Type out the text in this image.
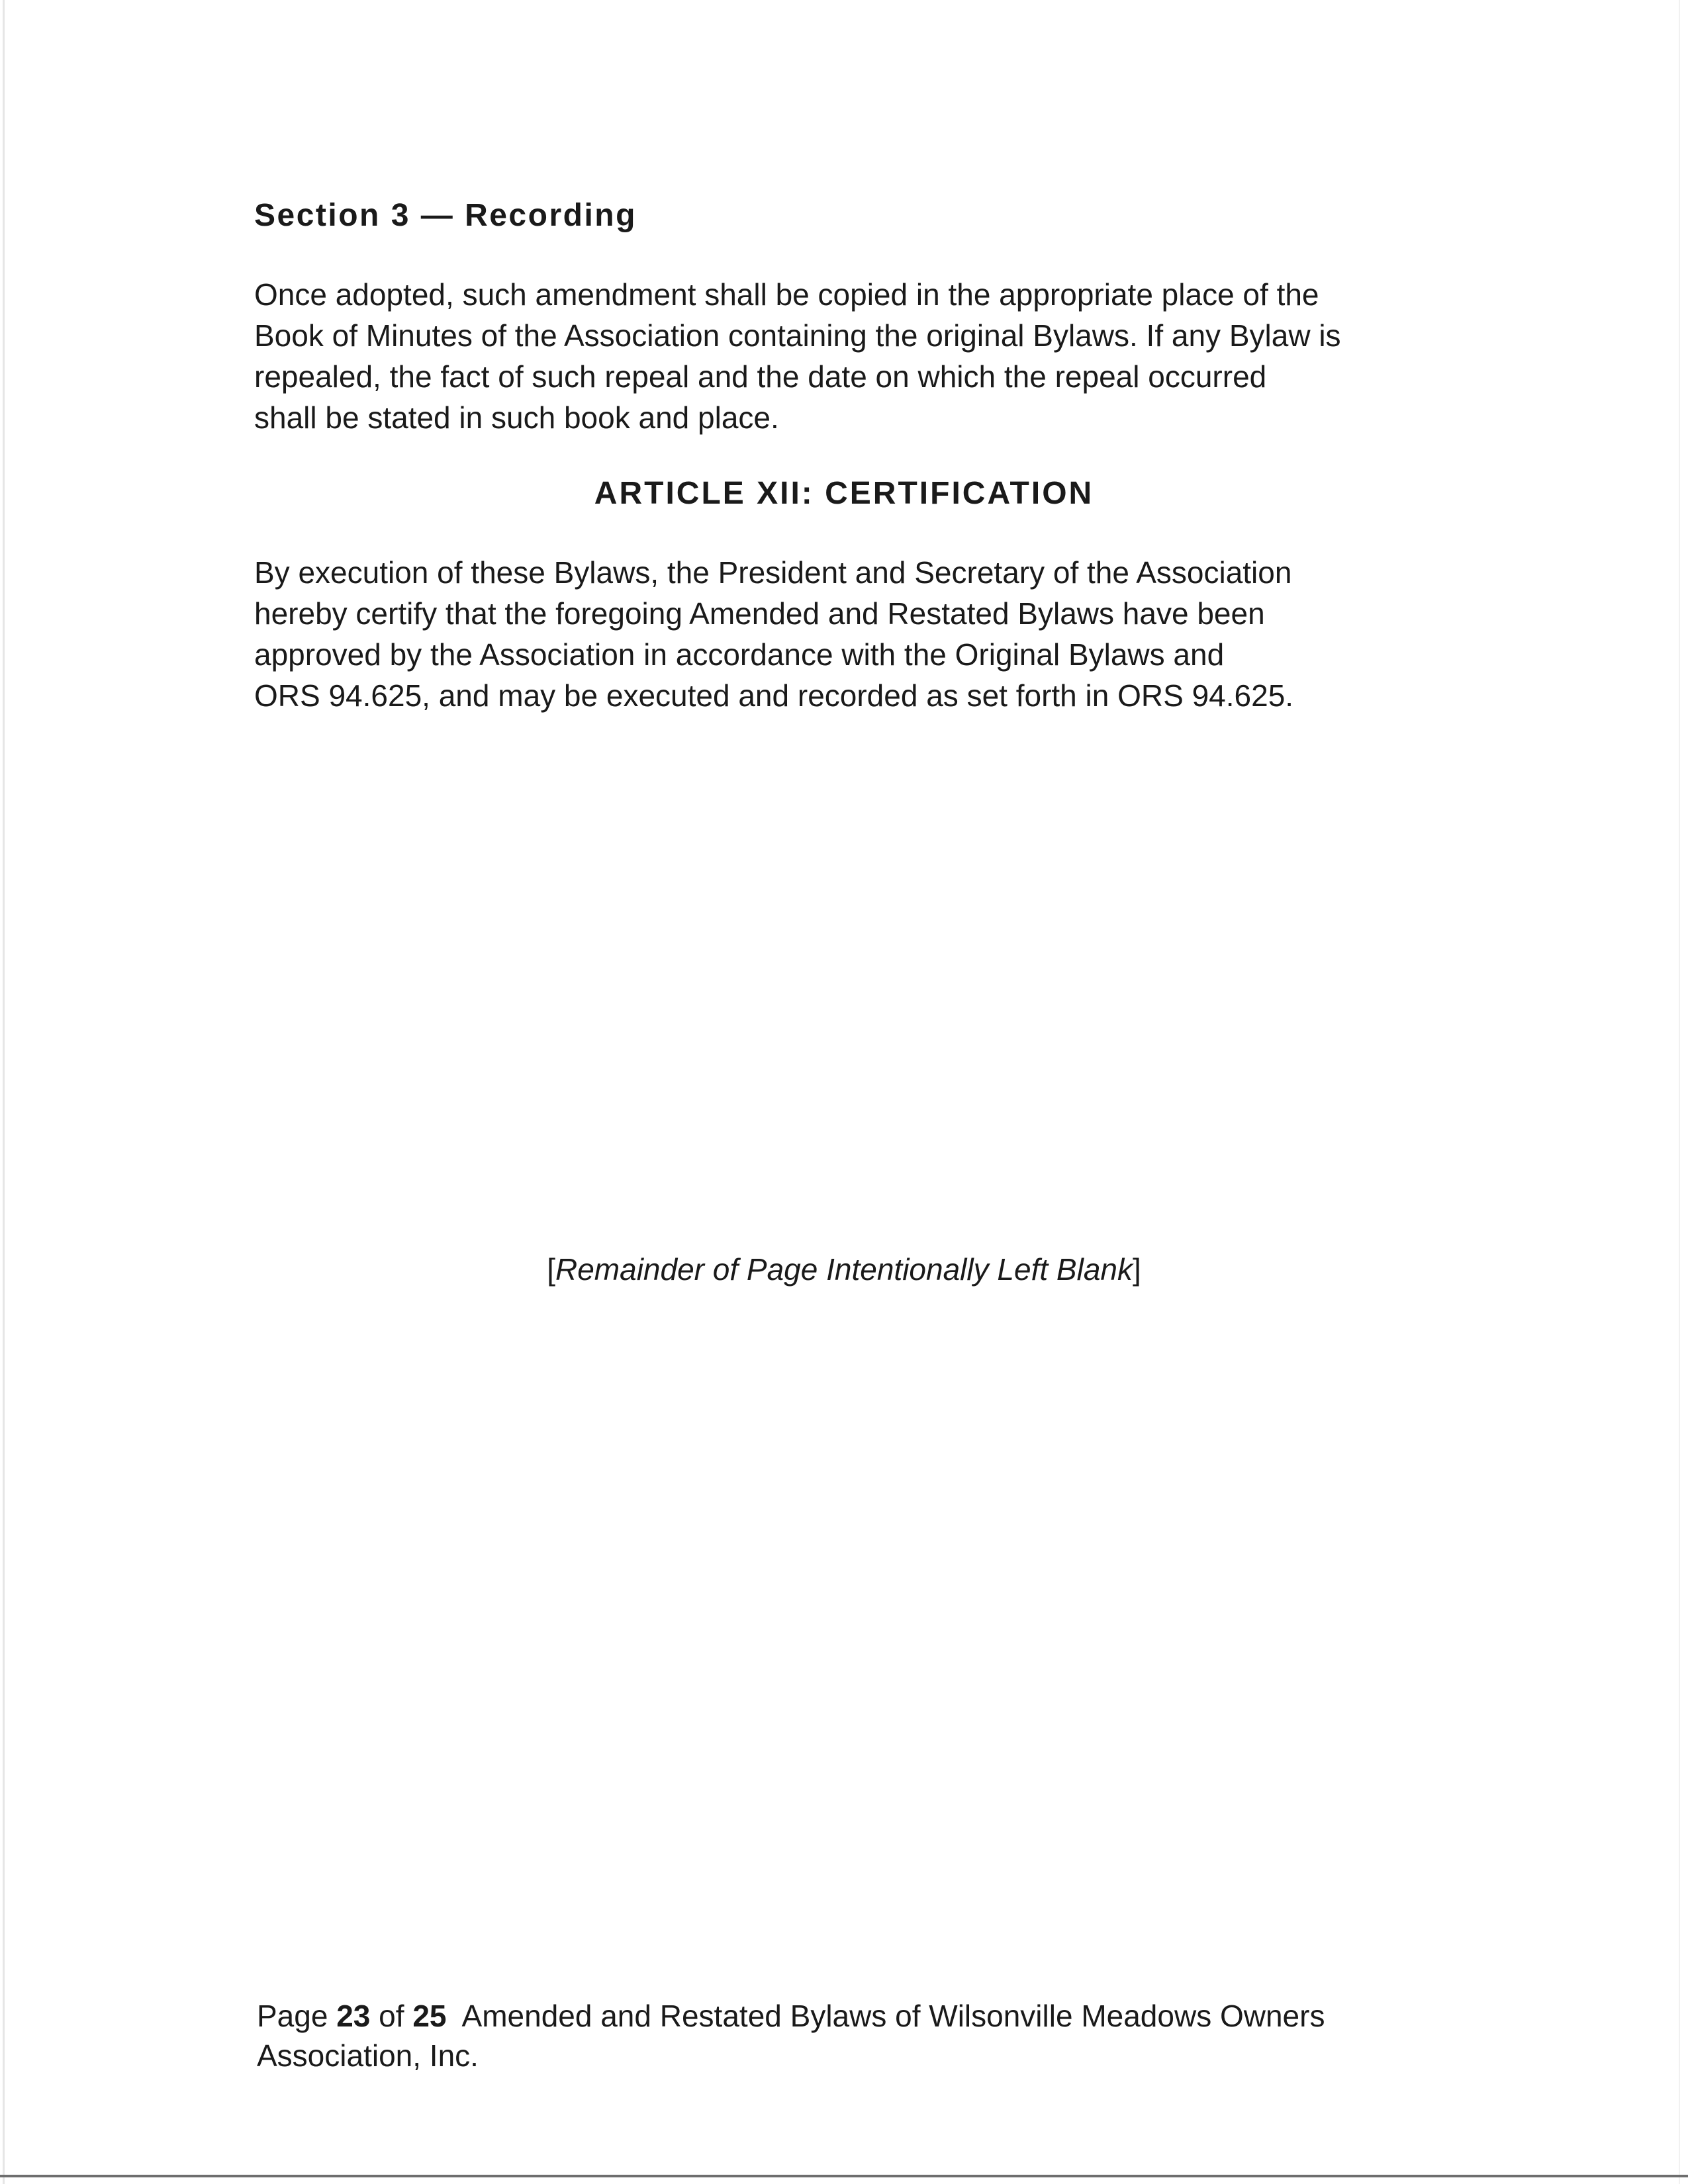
Section 3 — Recording

Once adopted, such amendment shall be copied in the appropriate place of the
Book of Minutes of the Association containing the original Bylaws. If any Bylaw is
repealed, the fact of such repeal and the date on which the repeal occurred
shall be stated in such book and place.

ARTICLE XII: CERTIFICATION

By execution of these Bylaws, the President and Secretary of the Association
hereby certify that the foregoing Amended and Restated Bylaws have been
approved by the Association in accordance with the Original Bylaws and
ORS 94.625, and may be executed and recorded as set forth in ORS 94.625.

[Remainder of Page Intentionally Left Blank]
Page 23 of 25 Amended and Restated Bylaws of Wilsonville Meadows Owners
Association, Inc.
